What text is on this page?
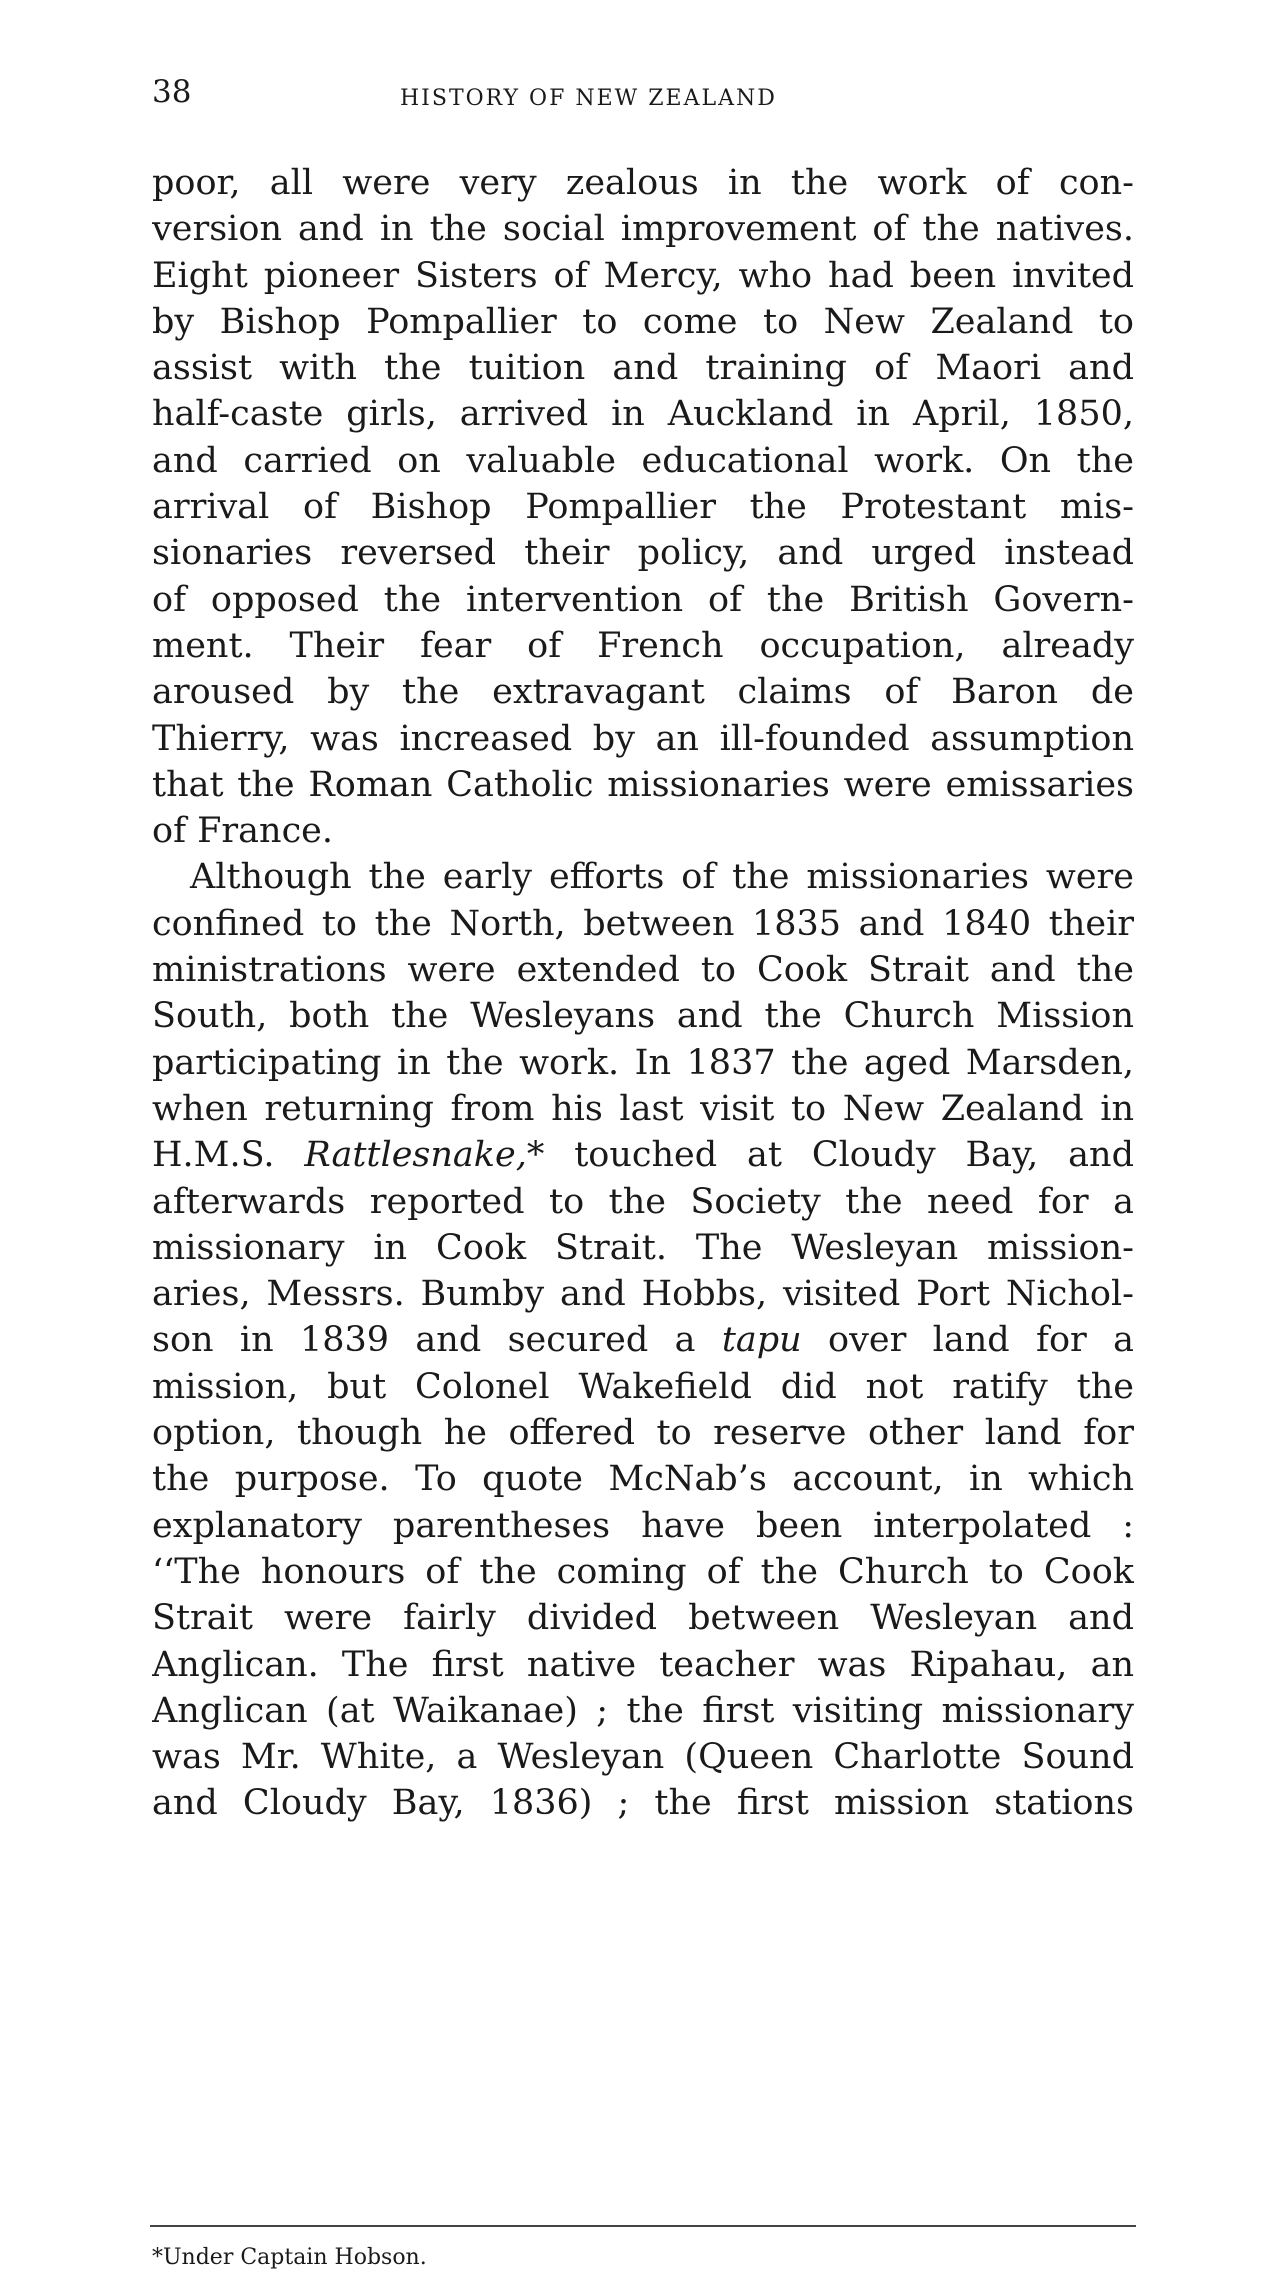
38	HISTORY OF NEW ZEALAND
poor, all were very zealous in the work of con-
version and in the social improvement of the natives.
Eight pioneer Sisters of Mercy, who had been invited
by Bishop Pompallier to come to New Zealand to
assist with the tuition and training of Maori and
half-caste girls, arrived in Auckland in April, 1850,
and carried on valuable educational work. On the
arrival of Bishop Pompallier the Protestant mis-
sionaries reversed their policy, and urged instead
of opposed the intervention of the British Govern-
ment. Their fear of French occupation, already
aroused by the extravagant claims of Baron de
Thierry, was increased by an ill-founded assumption
that the Roman Catholic missionaries were emissaries
of France.
Although the early efforts of the missionaries were
confined to the North, between 1835 and 1840 their
ministrations were extended to Cook Strait and the
South, both the Wesleyans and the Church Mission
participating in the work. In 1837 the aged Marsden,
when returning from his last visit to New Zealand in
H.M.S. Rattlesnake,* touched at Cloudy Bay, and
afterwards reported to the Society the need for a
missionary in Cook Strait. The Wesleyan mission-
aries, Messrs. Bumby and Hobbs, visited Port Nichol-
son in 1839 and secured a tapu over land for a
mission, but Colonel Wakefield did not ratify the
option, though he offered to reserve other land for
the purpose. To quote McNab’s account, in which
explanatory parentheses have been interpolated :
‘‘The honours of the coming of the Church to Cook
Strait were fairly divided between Wesleyan and
Anglican. The first native teacher was Ripahau, an
Anglican (at Waikanae) ; the first visiting missionary
was Mr. White, a Wesleyan (Queen Charlotte Sound
and Cloudy Bay, 1836) ; the first mission stations
*Under Captain Hobson.
